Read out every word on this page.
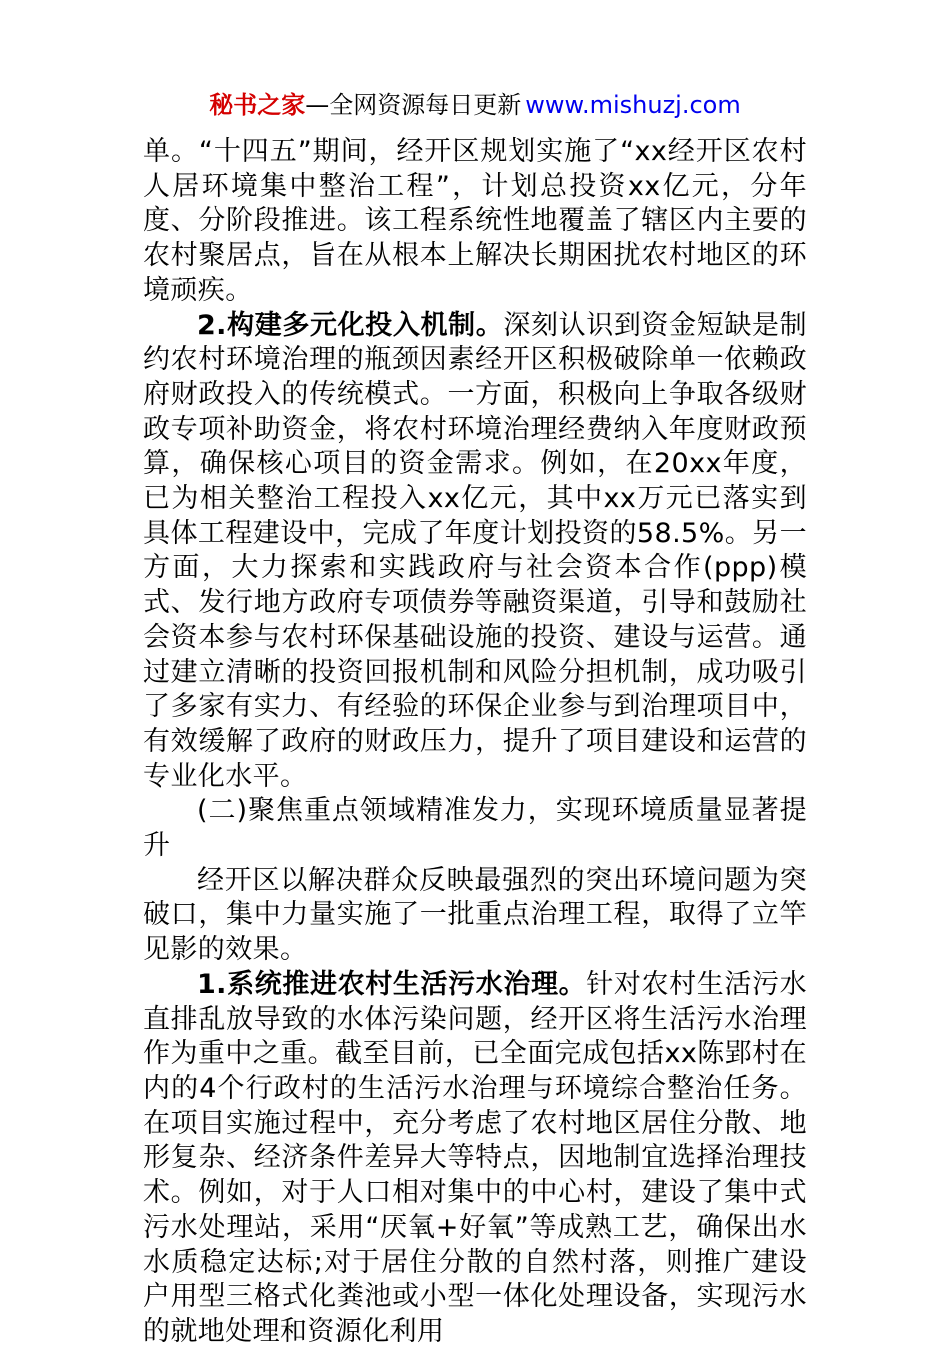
秘书之家—全网资源每日更新 www.mishuzj.com

单。“十四五”期间，经开区规划实施了“xx经开区农村人居环境集中整治工程”，计划总投资xx亿元，分年度、分阶段推进。该工程系统性地覆盖了辖区内主要的农村聚居点，旨在从根本上解决长期困扰农村地区的环境顽疾。

2.构建多元化投入机制。深刻认识到资金短缺是制约农村环境治理的瓶颈因素经开区积极破除单一依赖政府财政投入的传统模式。一方面，积极向上争取各级财政专项补助资金，将农村环境治理经费纳入年度财政预算，确保核心项目的资金需求。例如，在20xx年度，已为相关整治工程投入xx亿元，其中xx万元已落实到具体工程建设中，完成了年度计划投资的58.5%。另一方面，大力探索和实践政府与社会资本合作(ppp)模式、发行地方政府专项债券等融资渠道，引导和鼓励社会资本参与农村环保基础设施的投资、建设与运营。通过建立清晰的投资回报机制和风险分担机制，成功吸引了多家有实力、有经验的环保企业参与到治理项目中，有效缓解了政府的财政压力，提升了项目建设和运营的专业化水平。

(二)聚焦重点领域精准发力，实现环境质量显著提升

经开区以解决群众反映最强烈的突出环境问题为突破口，集中力量实施了一批重点治理工程，取得了立竿见影的效果。

1.系统推进农村生活污水治理。针对农村生活污水直排乱放导致的水体污染问题，经开区将生活污水治理作为重中之重。截至目前，已全面完成包括xx陈郢村在内的4个行政村的生活污水治理与环境综合整治任务。在项目实施过程中，充分考虑了农村地区居住分散、地形复杂、经济条件差异大等特点，因地制宜选择治理技术。例如，对于人口相对集中的中心村，建设了集中式污水处理站，采用“厌氧+好氧”等成熟工艺，确保出水水质稳定达标;对于居住分散的自然村落，则推广建设户用型三格式化粪池或小型一体化处理设备，实现污水的就地处理和资源化利用
